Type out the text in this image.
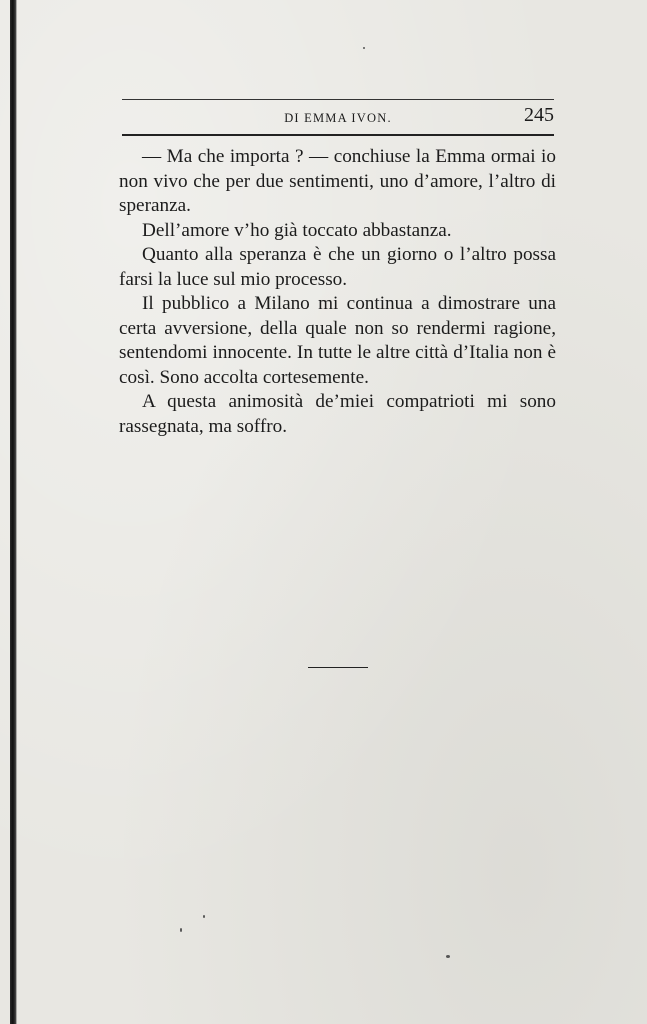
DI EMMA IVON.	245

— Ma che importa ? — conchiuse la Emma ormai io non vivo che per due sentimenti, uno d’amore, l’altro di speranza.

Dell’amore v’ho già toccato abbastanza.

Quanto alla speranza è che un giorno o l’altro possa farsi la luce sul mio processo.

Il pubblico a Milano mi continua a dimostrare una certa avversione, della quale non so rendermi ragione, sentendomi innocente. In tutte le altre città d’Italia non è così. Sono accolta cortesemente.

A questa animosità de’miei compatrioti mi sono rassegnata, ma soffro.
